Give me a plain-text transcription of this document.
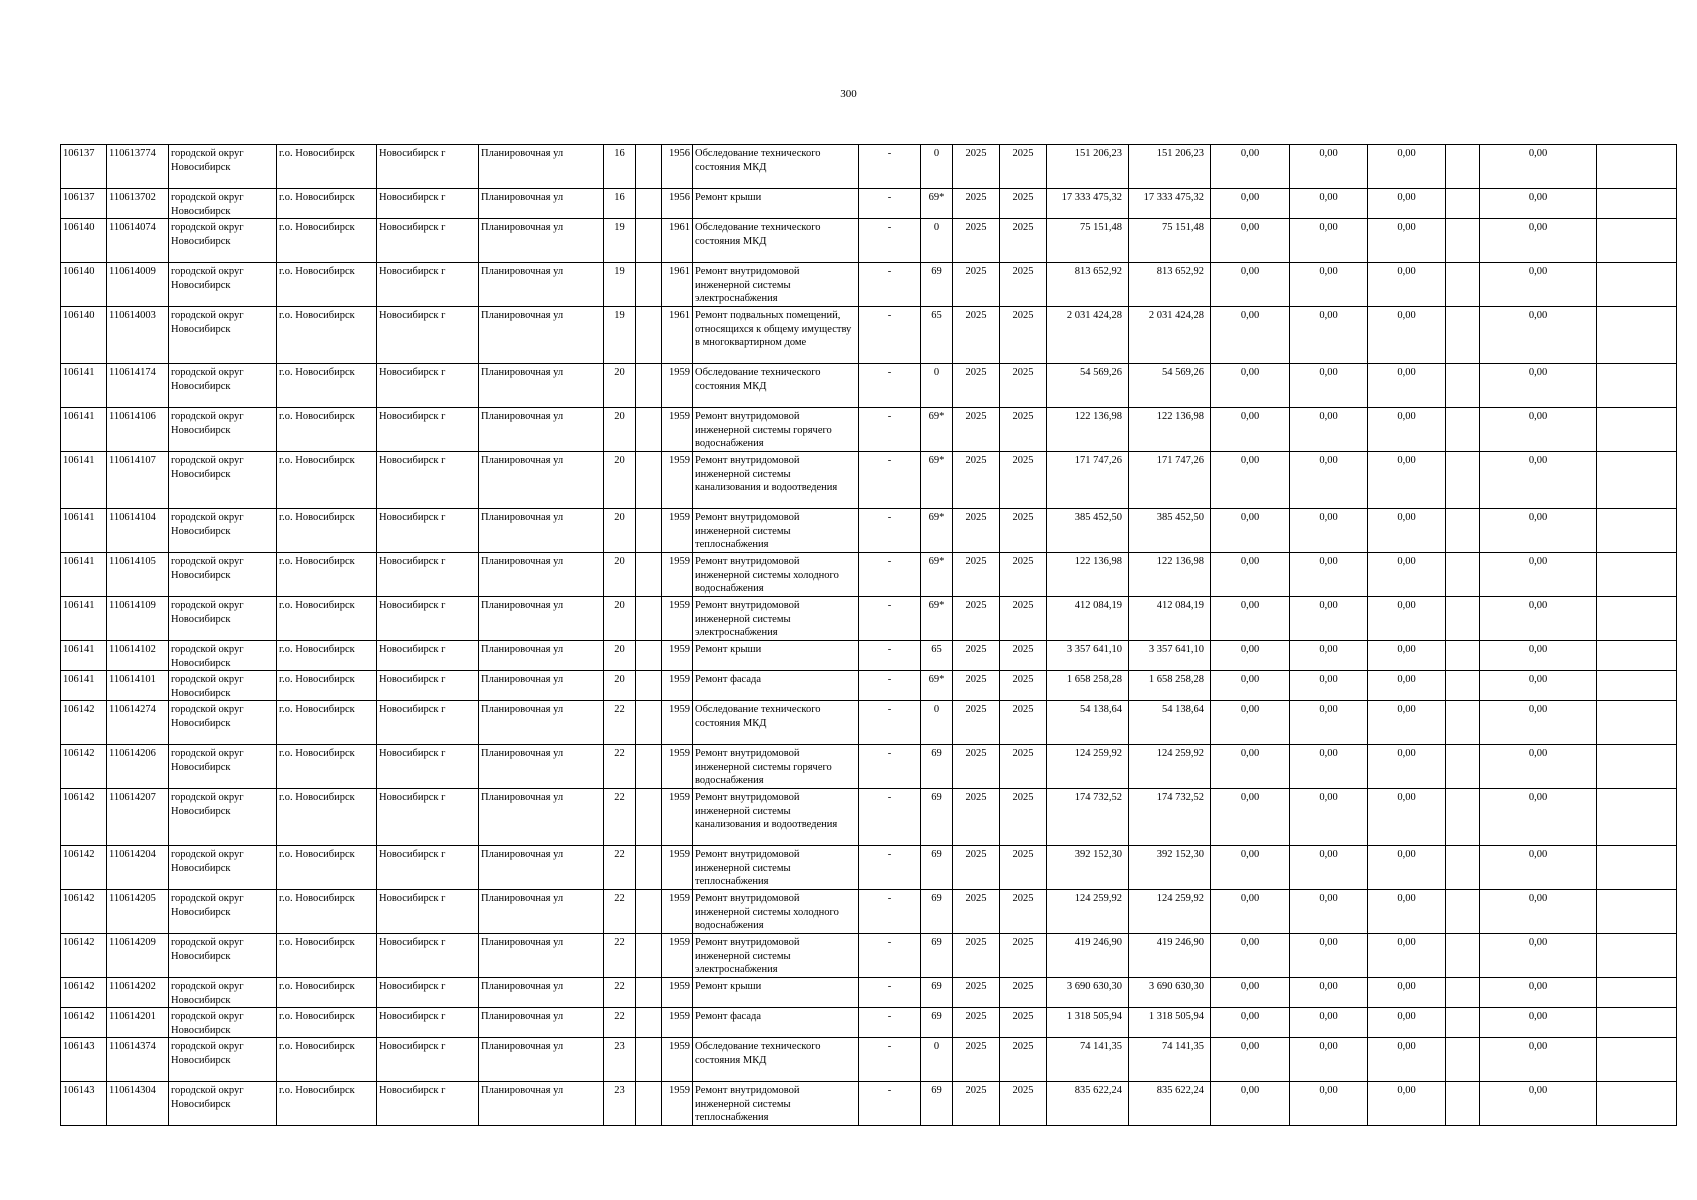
300
106137	110613774	городской округ Новосибирск	г.о. Новосибирск	Новосибирск г	Планировочная ул	16		1956	Обследование технического состояния МКД	-	0	2025	2025	151 206,23	151 206,23	0,00	0,00	0,00		0,00	
106137	110613702	городской округ Новосибирск	г.о. Новосибирск	Новосибирск г	Планировочная ул	16		1956	Ремонт крыши	-	69*	2025	2025	17 333 475,32	17 333 475,32	0,00	0,00	0,00		0,00	
106140	110614074	городской округ Новосибирск	г.о. Новосибирск	Новосибирск г	Планировочная ул	19		1961	Обследование технического состояния МКД	-	0	2025	2025	75 151,48	75 151,48	0,00	0,00	0,00		0,00	
106140	110614009	городской округ Новосибирск	г.о. Новосибирск	Новосибирск г	Планировочная ул	19		1961	Ремонт внутридомовой инженерной системы электроснабжения	-	69	2025	2025	813 652,92	813 652,92	0,00	0,00	0,00		0,00	
106140	110614003	городской округ Новосибирск	г.о. Новосибирск	Новосибирск г	Планировочная ул	19		1961	Ремонт подвальных помещений, относящихся к общему имуществу в многоквартирном доме	-	65	2025	2025	2 031 424,28	2 031 424,28	0,00	0,00	0,00		0,00	
106141	110614174	городской округ Новосибирск	г.о. Новосибирск	Новосибирск г	Планировочная ул	20		1959	Обследование технического состояния МКД	-	0	2025	2025	54 569,26	54 569,26	0,00	0,00	0,00		0,00	
106141	110614106	городской округ Новосибирск	г.о. Новосибирск	Новосибирск г	Планировочная ул	20		1959	Ремонт внутридомовой инженерной системы горячего водоснабжения	-	69*	2025	2025	122 136,98	122 136,98	0,00	0,00	0,00		0,00	
106141	110614107	городской округ Новосибирск	г.о. Новосибирск	Новосибирск г	Планировочная ул	20		1959	Ремонт внутридомовой инженерной системы канализования и водоотведения	-	69*	2025	2025	171 747,26	171 747,26	0,00	0,00	0,00		0,00	
106141	110614104	городской округ Новосибирск	г.о. Новосибирск	Новосибирск г	Планировочная ул	20		1959	Ремонт внутридомовой инженерной системы теплоснабжения	-	69*	2025	2025	385 452,50	385 452,50	0,00	0,00	0,00		0,00	
106141	110614105	городской округ Новосибирск	г.о. Новосибирск	Новосибирск г	Планировочная ул	20		1959	Ремонт внутридомовой инженерной системы холодного водоснабжения	-	69*	2025	2025	122 136,98	122 136,98	0,00	0,00	0,00		0,00	
106141	110614109	городской округ Новосибирск	г.о. Новосибирск	Новосибирск г	Планировочная ул	20		1959	Ремонт внутридомовой инженерной системы электроснабжения	-	69*	2025	2025	412 084,19	412 084,19	0,00	0,00	0,00		0,00	
106141	110614102	городской округ Новосибирск	г.о. Новосибирск	Новосибирск г	Планировочная ул	20		1959	Ремонт крыши	-	65	2025	2025	3 357 641,10	3 357 641,10	0,00	0,00	0,00		0,00	
106141	110614101	городской округ Новосибирск	г.о. Новосибирск	Новосибирск г	Планировочная ул	20		1959	Ремонт фасада	-	69*	2025	2025	1 658 258,28	1 658 258,28	0,00	0,00	0,00		0,00	
106142	110614274	городской округ Новосибирск	г.о. Новосибирск	Новосибирск г	Планировочная ул	22		1959	Обследование технического состояния МКД	-	0	2025	2025	54 138,64	54 138,64	0,00	0,00	0,00		0,00	
106142	110614206	городской округ Новосибирск	г.о. Новосибирск	Новосибирск г	Планировочная ул	22		1959	Ремонт внутридомовой инженерной системы горячего водоснабжения	-	69	2025	2025	124 259,92	124 259,92	0,00	0,00	0,00		0,00	
106142	110614207	городской округ Новосибирск	г.о. Новосибирск	Новосибирск г	Планировочная ул	22		1959	Ремонт внутридомовой инженерной системы канализования и водоотведения	-	69	2025	2025	174 732,52	174 732,52	0,00	0,00	0,00		0,00	
106142	110614204	городской округ Новосибирск	г.о. Новосибирск	Новосибирск г	Планировочная ул	22		1959	Ремонт внутридомовой инженерной системы теплоснабжения	-	69	2025	2025	392 152,30	392 152,30	0,00	0,00	0,00		0,00	
106142	110614205	городской округ Новосибирск	г.о. Новосибирск	Новосибирск г	Планировочная ул	22		1959	Ремонт внутридомовой инженерной системы холодного водоснабжения	-	69	2025	2025	124 259,92	124 259,92	0,00	0,00	0,00		0,00	
106142	110614209	городской округ Новосибирск	г.о. Новосибирск	Новосибирск г	Планировочная ул	22		1959	Ремонт внутридомовой инженерной системы электроснабжения	-	69	2025	2025	419 246,90	419 246,90	0,00	0,00	0,00		0,00	
106142	110614202	городской округ Новосибирск	г.о. Новосибирск	Новосибирск г	Планировочная ул	22		1959	Ремонт крыши	-	69	2025	2025	3 690 630,30	3 690 630,30	0,00	0,00	0,00		0,00	
106142	110614201	городской округ Новосибирск	г.о. Новосибирск	Новосибирск г	Планировочная ул	22		1959	Ремонт фасада	-	69	2025	2025	1 318 505,94	1 318 505,94	0,00	0,00	0,00		0,00	
106143	110614374	городской округ Новосибирск	г.о. Новосибирск	Новосибирск г	Планировочная ул	23		1959	Обследование технического состояния МКД	-	0	2025	2025	74 141,35	74 141,35	0,00	0,00	0,00		0,00	
106143	110614304	городской округ Новосибирск	г.о. Новосибирск	Новосибирск г	Планировочная ул	23		1959	Ремонт внутридомовой инженерной системы теплоснабжения	-	69	2025	2025	835 622,24	835 622,24	0,00	0,00	0,00		0,00	
